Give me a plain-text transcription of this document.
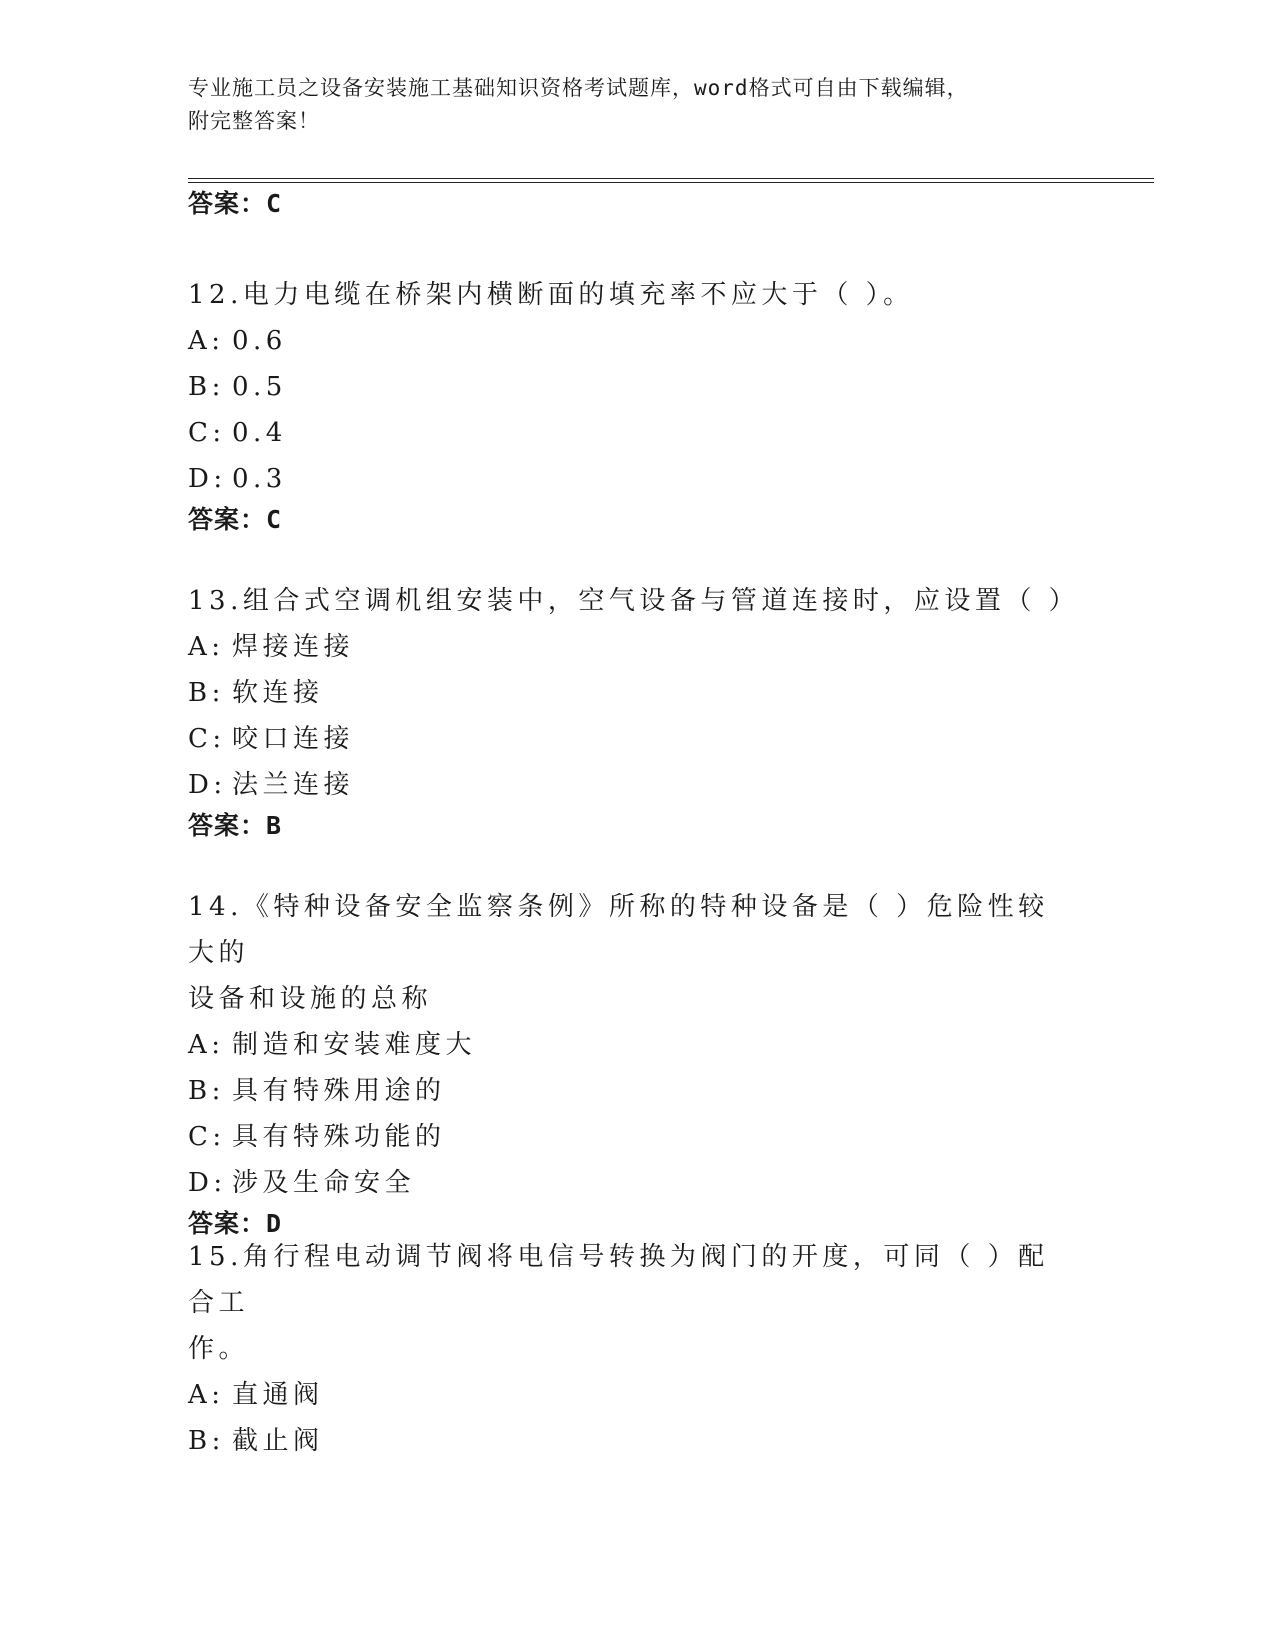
专业施工员之设备安装施工基础知识资格考试题库，word格式可自由下载编辑，
附完整答案！
答案：C
12.电力电缆在桥架内横断面的填充率不应大于（ ）。
A: 0.6
B: 0.5
C: 0.4
D: 0.3
答案：C
13.组合式空调机组安装中，空气设备与管道连接时，应设置（ ）
A: 焊接连接
B: 软连接
C: 咬口连接
D: 法兰连接
答案：B
14.《特种设备安全监察条例》所称的特种设备是（ ）危险性较大的
设备和设施的总称
A: 制造和安装难度大
B: 具有特殊用途的
C: 具有特殊功能的
D: 涉及生命安全
答案：D
15.角行程电动调节阀将电信号转换为阀门的开度，可同（ ）配合工
作。
A: 直通阀
B: 截止阀
